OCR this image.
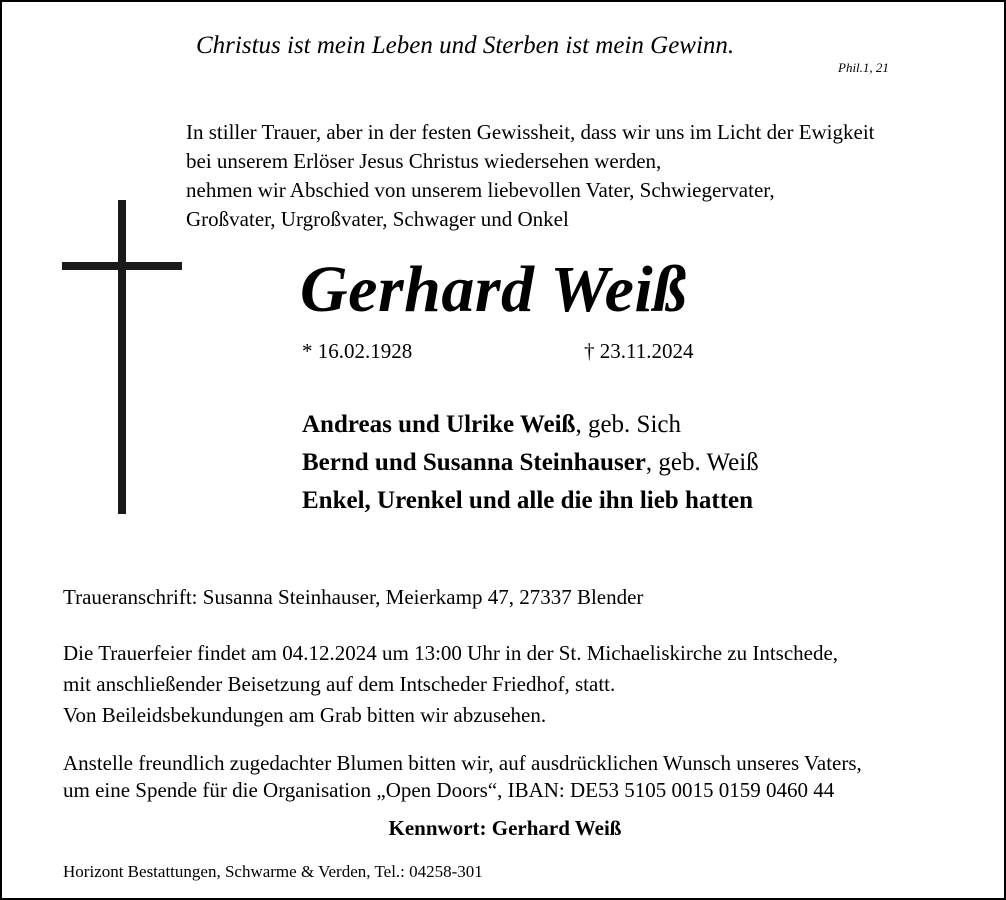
Christus ist mein Leben und Sterben ist mein Gewinn.
Phil.1, 21
In stiller Trauer, aber in der festen Gewissheit, dass wir uns im Licht der Ewigkeit
bei unserem Erlöser Jesus Christus wiedersehen werden,
nehmen wir Abschied von unserem liebevollen Vater, Schwiegervater,
Großvater, Urgroßvater, Schwager und Onkel
Gerhard Weiß
* 16.02.1928	† 23.11.2024
Andreas und Ulrike Weiß, geb. Sich
Bernd und Susanna Steinhauser, geb. Weiß
Enkel, Urenkel und alle die ihn lieb hatten
Traueranschrift: Susanna Steinhauser, Meierkamp 47, 27337 Blender
Die Trauerfeier findet am 04.12.2024 um 13:00 Uhr in der St. Michaeliskirche zu Intschede,
mit anschließender Beisetzung auf dem Intscheder Friedhof, statt.
Von Beileidsbekundungen am Grab bitten wir abzusehen.
Anstelle freundlich zugedachter Blumen bitten wir, auf ausdrücklichen Wunsch unseres Vaters,
um eine Spende für die Organisation „Open Doors“, IBAN: DE53 5105 0015 0159 0460 44
Kennwort: Gerhard Weiß
Horizont Bestattungen, Schwarme & Verden, Tel.: 04258-301
